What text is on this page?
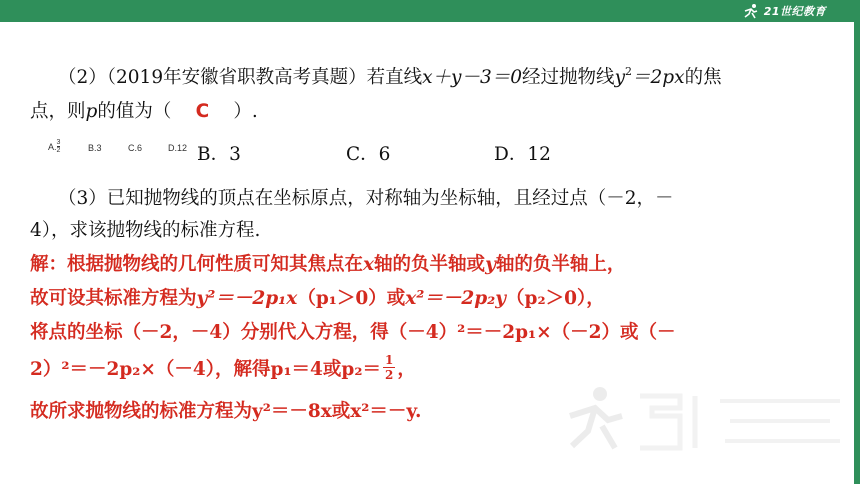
21世纪教育
（2）（2019年安徽省职教高考真题）若直线x＋y－3＝0经过抛物线$y^2=2px$的焦
点，则p的值为（ C ）.
A. $\frac{3}{2}$	B.3	C.6	D.12 B．3	C．6	D．12
（3）已知抛物线的顶点在坐标原点，对称轴为坐标轴，且经过点（－2，－
4），求该抛物线的标准方程.
解：根据抛物线的几何性质可知其焦点在x轴的负半轴或y轴的负半轴上，
故可设其标准方程为y²＝－2p₁x（p₁＞0）或x²＝－2p₂y（p₂＞0），
将点的坐标（－2，－4）分别代入方程，得（－4）²＝－2p₁×（－2）或（－
2）²＝－2p₂×（－4），解得p₁＝4或$p_2= \frac{1}{2}$ ，
故所求抛物线的标准方程为y²＝－8x或x²＝－y.
